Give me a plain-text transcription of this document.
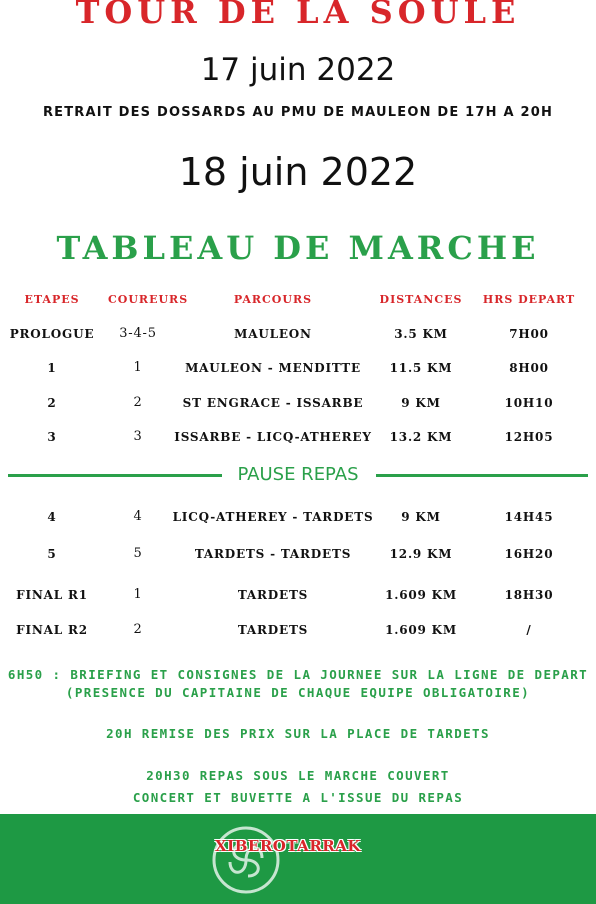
TOUR DE LA SOULE
17 juin 2022
RETRAIT DES DOSSARDS AU PMU DE MAULEON DE 17H A 20H
18 juin 2022
TABLEAU DE MARCHE
ETAPES	COUREURS	PARCOURS	DISTANCES	HRS DEPART
PROLOGUE	3-4-5	MAULEON	3.5 KM	7H00
1	1	MAULEON - MENDITTE	11.5 KM	8H00
2	2	ST ENGRACE - ISSARBE	9 KM	10H10
3	3	ISSARBE - LICQ-ATHEREY	13.2 KM	12H05
PAUSE REPAS
4	4	LICQ-ATHEREY - TARDETS	9 KM	14H45
5	5	TARDETS - TARDETS	12.9 KM	16H20
FINAL R1	1	TARDETS	1.609 KM	18H30
FINAL R2	2	TARDETS	1.609 KM	/
6H50 : BRIEFING ET CONSIGNES DE LA JOURNEE SUR LA LIGNE DE DEPART
(PRESENCE DU CAPITAINE DE CHAQUE EQUIPE OBLIGATOIRE)
20H REMISE DES PRIX SUR LA PLACE DE TARDETS
20H30 REPAS SOUS LE MARCHE COUVERT
CONCERT ET BUVETTE A L'ISSUE DU REPAS
XIBEROTARRAK
